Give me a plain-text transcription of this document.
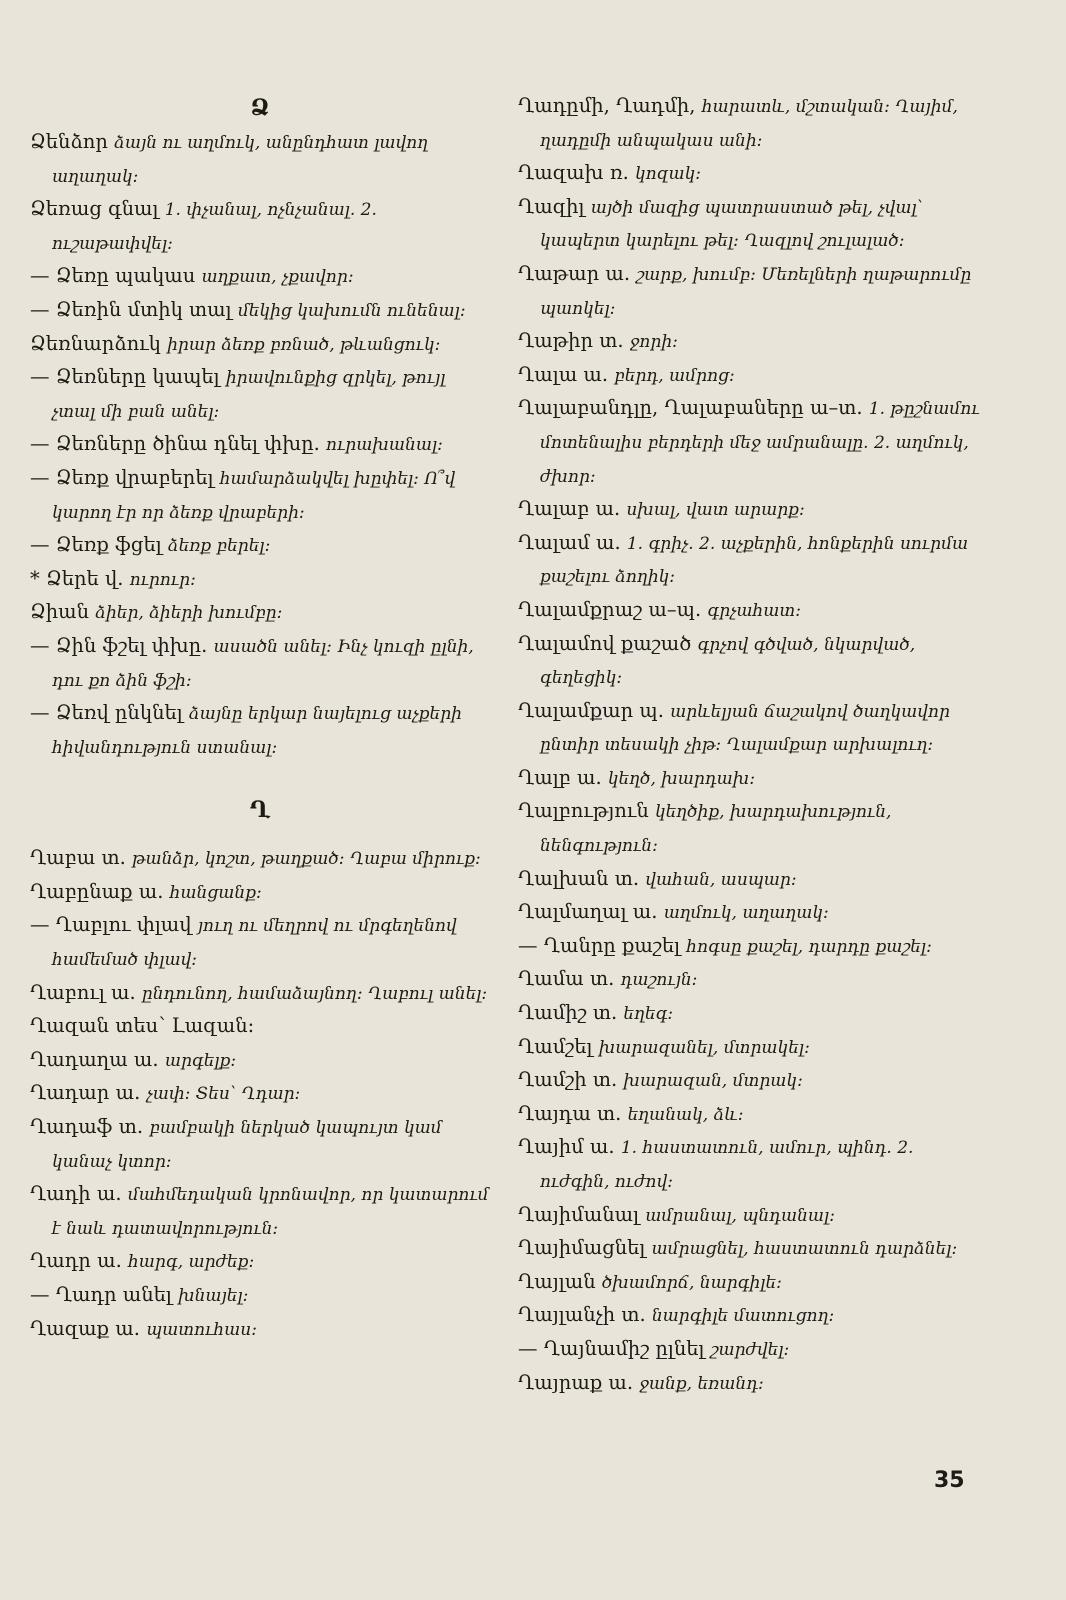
Ձ

Ձենձոր ձայն ու աղմուկ, անընդհատ լավող աղաղակ։

Ձեռաց գնալ 1. փչանալ, ոչնչանալ. 2. ուշաթափվել։

— Ձեռը պակաս աղքատ, չքավոր։

— Ձեռին մտիկ տալ մեկից կախումն ունենալ։

Ձեռնարձուկ իրար ձեռք բռնած, թևանցուկ։

— Ձեռները կապել իրավունքից զրկել, թույլ չտալ մի բան անել։

— Ձեռները ծինա դնել փխը. ուրախանալ։

— Ձեռք վրաբերել համարձակվել խըփել։ Ո՞վ կարող էր որ ձեռք վրաբերի։

— Ձեռք ֆցել ձեռք բերել։

* Ձերե վ. ուրուր։

Ձիան ձիեր, ձիերի խումբը։

— Ձին ֆշել փխը. ասածն անել։ Ինչ կուզի ըլնի, դու քո ձին ֆշի։

— Ձեռվ ընկնել ձայնը երկար նայելուց աչքերի հիվանդություն ստանալ։

Ղ

Ղաբա տ. թանձր, կոշտ, թաղքած։ Ղաբա միրուք։

Ղաբընաք ա. հանցանք։

— Ղաբլու փլավ յուղ ու մեղրով ու մրգեղենով համեմած փլավ։

Ղաբուլ ա. ընդունող, համաձայնող։ Ղաբուլ անել։

Ղազան տես՝ Լազան։

Ղադաղա ա. արգելք։

Ղադար ա. չափ։ Տես՝ Ղդար։

Ղադաֆ տ. բամբակի ներկած կապույտ կամ կանաչ կտոր։

Ղադի ա. մահմեդական կրոնավոր, որ կատարում է նաև դատավորություն։

Ղադր ա. հարգ, արժեք։

— Ղադր անել խնայել։

Ղազաք ա. պատուհաս։

Ղադըմի, Ղադմի, հարատև, մշտական։ Ղայիմ, ղադըմի անպակաս անի։

Ղազախ ռ. կոզակ։

Ղազիլ այծի մազից պատրաստած թել, չվալ՝ կապերտ կարելու թել։ Ղազլով շուլալած։

Ղաթար ա. շարք, խումբ։ Մեռելների ղաթարումը պաոկել։

Ղաթիր տ. ջորի։

Ղալա ա. բերդ, ամրոց։

Ղալաբանդլը, Ղալաբաները ա–տ. 1. թըշնամու մոտենալիս բերդերի մեջ ամրանալը. 2. աղմուկ, ժխոր։

Ղալաբ ա. սխալ, վատ արարք։

Ղալամ ա. 1. գրիչ. 2. աչքերին, հոնքերին սուրմա քաշելու ձողիկ։

Ղալամքրաշ ա–պ. գրչահատ։

Ղալամով քաշած գրչով գծված, նկարված, գեղեցիկ։

Ղալամքար պ. արևելյան ճաշակով ծաղկավոր ընտիր տեսակի չիթ։ Ղալամքար արխալուղ։

Ղալբ ա. կեղծ, խարդախ։

Ղալբություն կեղծիք, խարդախություն, նենգություն։

Ղալխան տ. վահան, ասպար։

Ղալմաղալ ա. աղմուկ, աղաղակ։

— Ղանրը քաշել հոգսը քաշել, դարդը քաշել։

Ղամա տ. դաշույն։

Ղամիշ տ. եղեգ։

Ղամշել խարազանել, մտրակել։

Ղամշի տ. խարազան, մտրակ։

Ղայդա տ. եղանակ, ձև։

Ղայիմ ա. 1. հաստատուն, ամուր, պինդ. 2. ուժգին, ուժով։

Ղայիմանալ ամրանալ, պնդանալ։

Ղայիմացնել ամրացնել, հաստատուն դարձնել։

Ղայլան ծխամորճ, նարգիլե։

Ղայլանչի տ. նարգիլե մատուցող։

— Ղայնամիշ ըլնել շարժվել։

Ղայրաք ա. ջանք, եռանդ։

35
